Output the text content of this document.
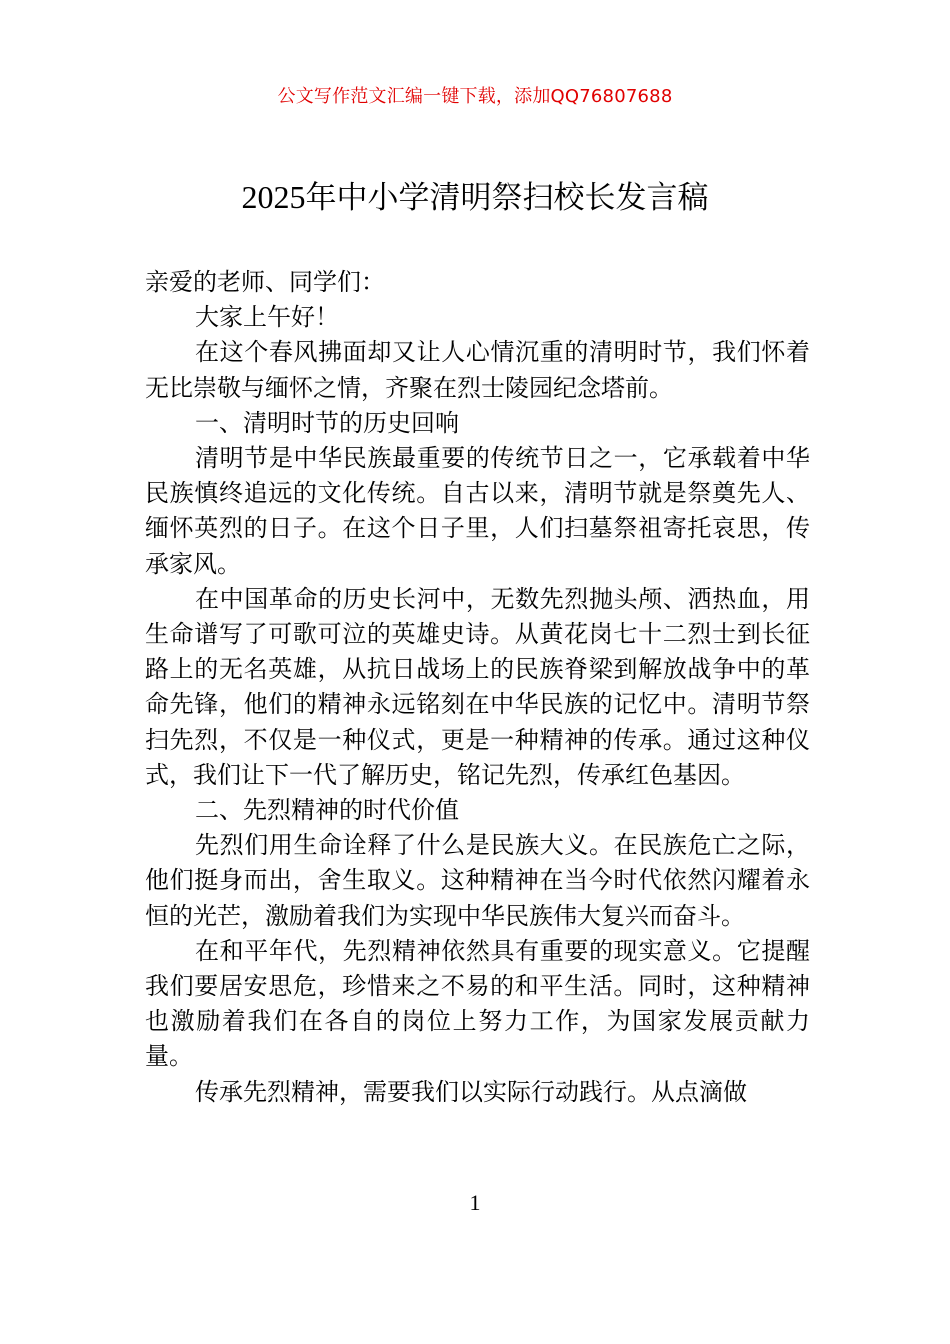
公文写作范文汇编一键下载，添加QQ76807688
2025年中小学清明祭扫校长发言稿

亲爱的老师、同学们：

大家上午好！

在这个春风拂面却又让人心情沉重的清明时节，我们怀着无比崇敬与缅怀之情，齐聚在烈士陵园纪念塔前。

一、清明时节的历史回响

清明节是中华民族最重要的传统节日之一，它承载着中华民族慎终追远的文化传统。自古以来，清明节就是祭奠先人、缅怀英烈的日子。在这个日子里，人们扫墓祭祖寄托哀思，传承家风。

在中国革命的历史长河中，无数先烈抛头颅、洒热血，用生命谱写了可歌可泣的英雄史诗。从黄花岗七十二烈士到长征路上的无名英雄，从抗日战场上的民族脊梁到解放战争中的革命先锋，他们的精神永远铭刻在中华民族的记忆中。清明节祭扫先烈，不仅是一种仪式，更是一种精神的传承。通过这种仪式，我们让下一代了解历史，铭记先烈，传承红色基因。

二、先烈精神的时代价值

先烈们用生命诠释了什么是民族大义。在民族危亡之际，他们挺身而出，舍生取义。这种精神在当今时代依然闪耀着永恒的光芒，激励着我们为实现中华民族伟大复兴而奋斗。

在和平年代，先烈精神依然具有重要的现实意义。它提醒我们要居安思危，珍惜来之不易的和平生活。同时，这种精神也激励着我们在各自的岗位上努力工作，为国家发展贡献力量。

传承先烈精神，需要我们以实际行动践行。从点滴做

1
